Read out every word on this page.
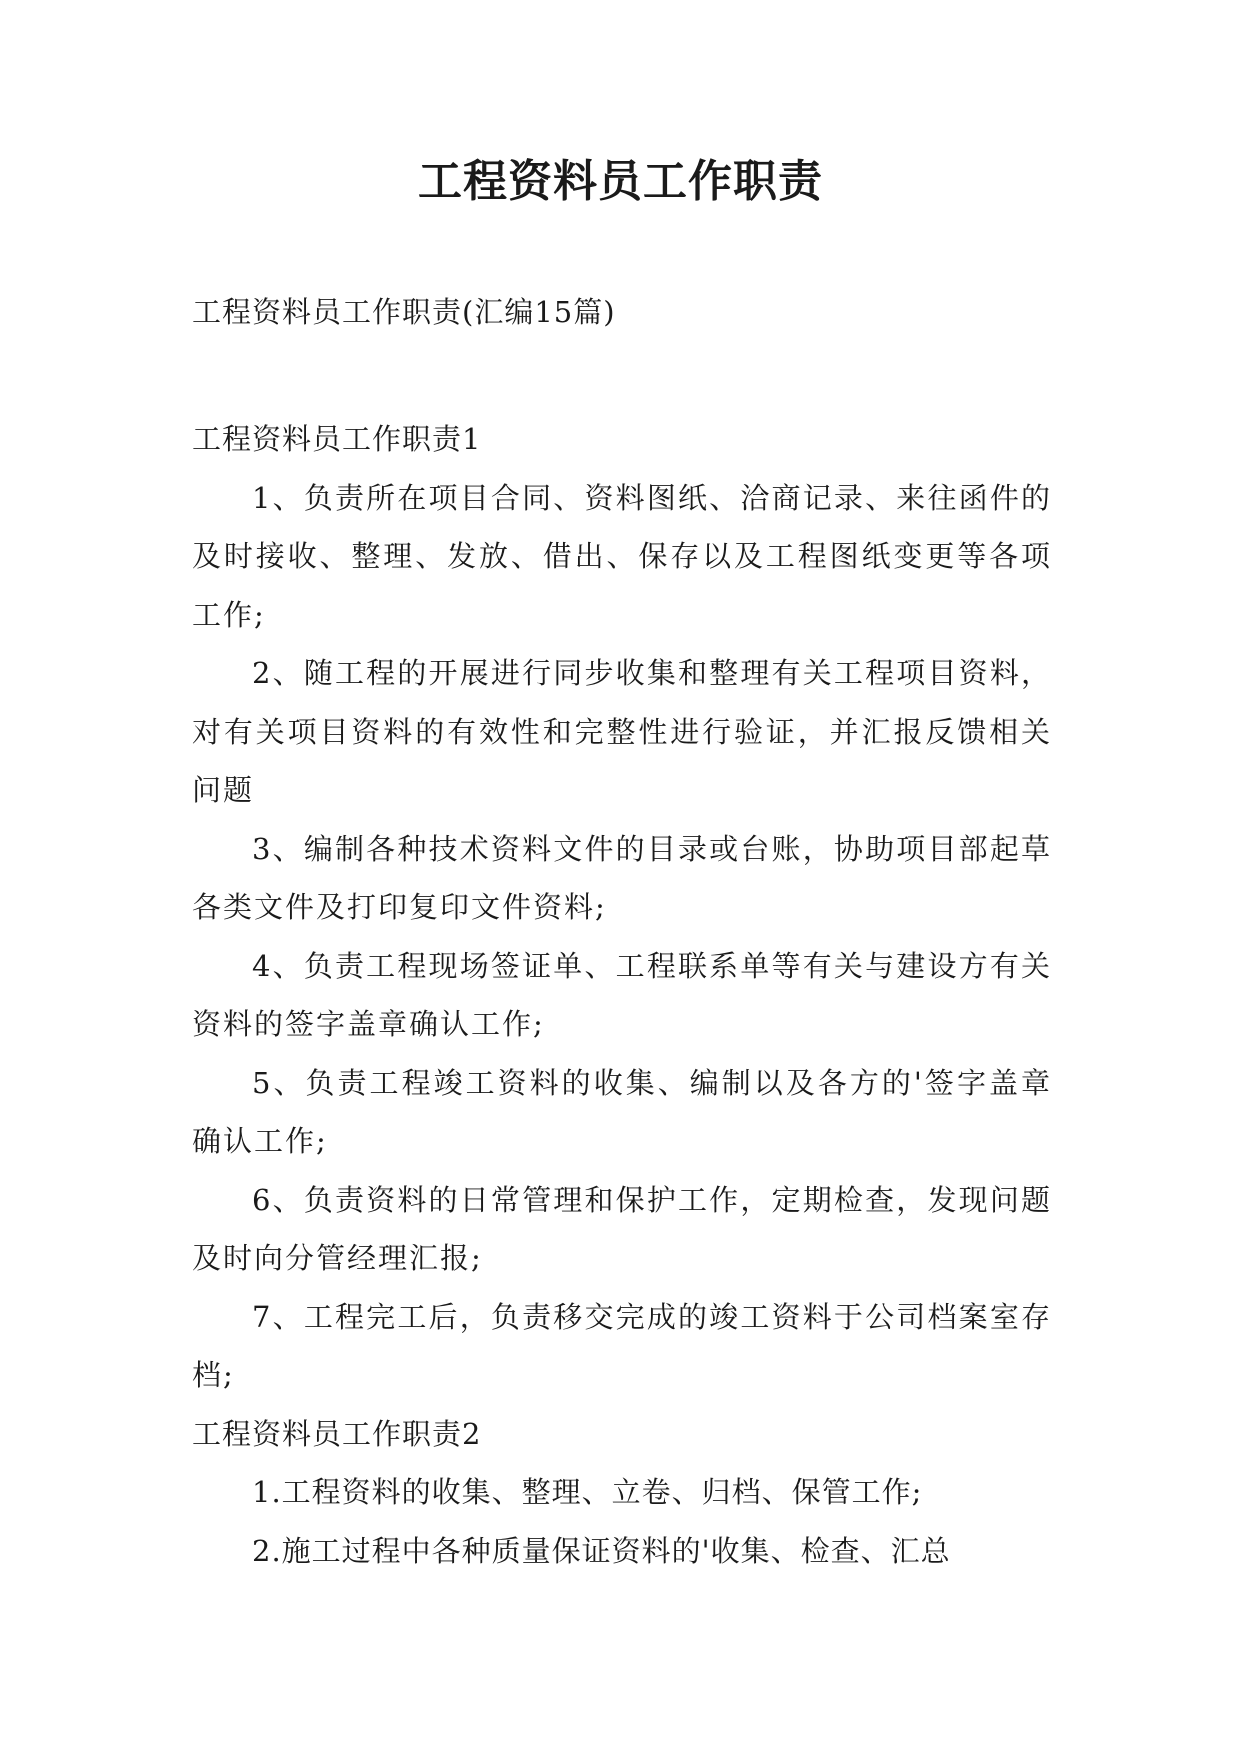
工程资料员工作职责
工程资料员工作职责(汇编15篇)

工程资料员工作职责1

1、负责所在项目合同、资料图纸、洽商记录、来往函件的及时接收、整理、发放、借出、保存以及工程图纸变更等各项工作;

2、随工程的开展进行同步收集和整理有关工程项目资料，对有关项目资料的有效性和完整性进行验证，并汇报反馈相关问题

3、编制各种技术资料文件的目录或台账，协助项目部起草各类文件及打印复印文件资料;

4、负责工程现场签证单、工程联系单等有关与建设方有关资料的签字盖章确认工作;

5、负责工程竣工资料的收集、编制以及各方的'签字盖章确认工作;

6、负责资料的日常管理和保护工作，定期检查，发现问题及时向分管经理汇报;

7、工程完工后，负责移交完成的竣工资料于公司档案室存档;

工程资料员工作职责2

1.工程资料的收集、整理、立卷、归档、保管工作;

2.施工过程中各种质量保证资料的'收集、检查、汇总
